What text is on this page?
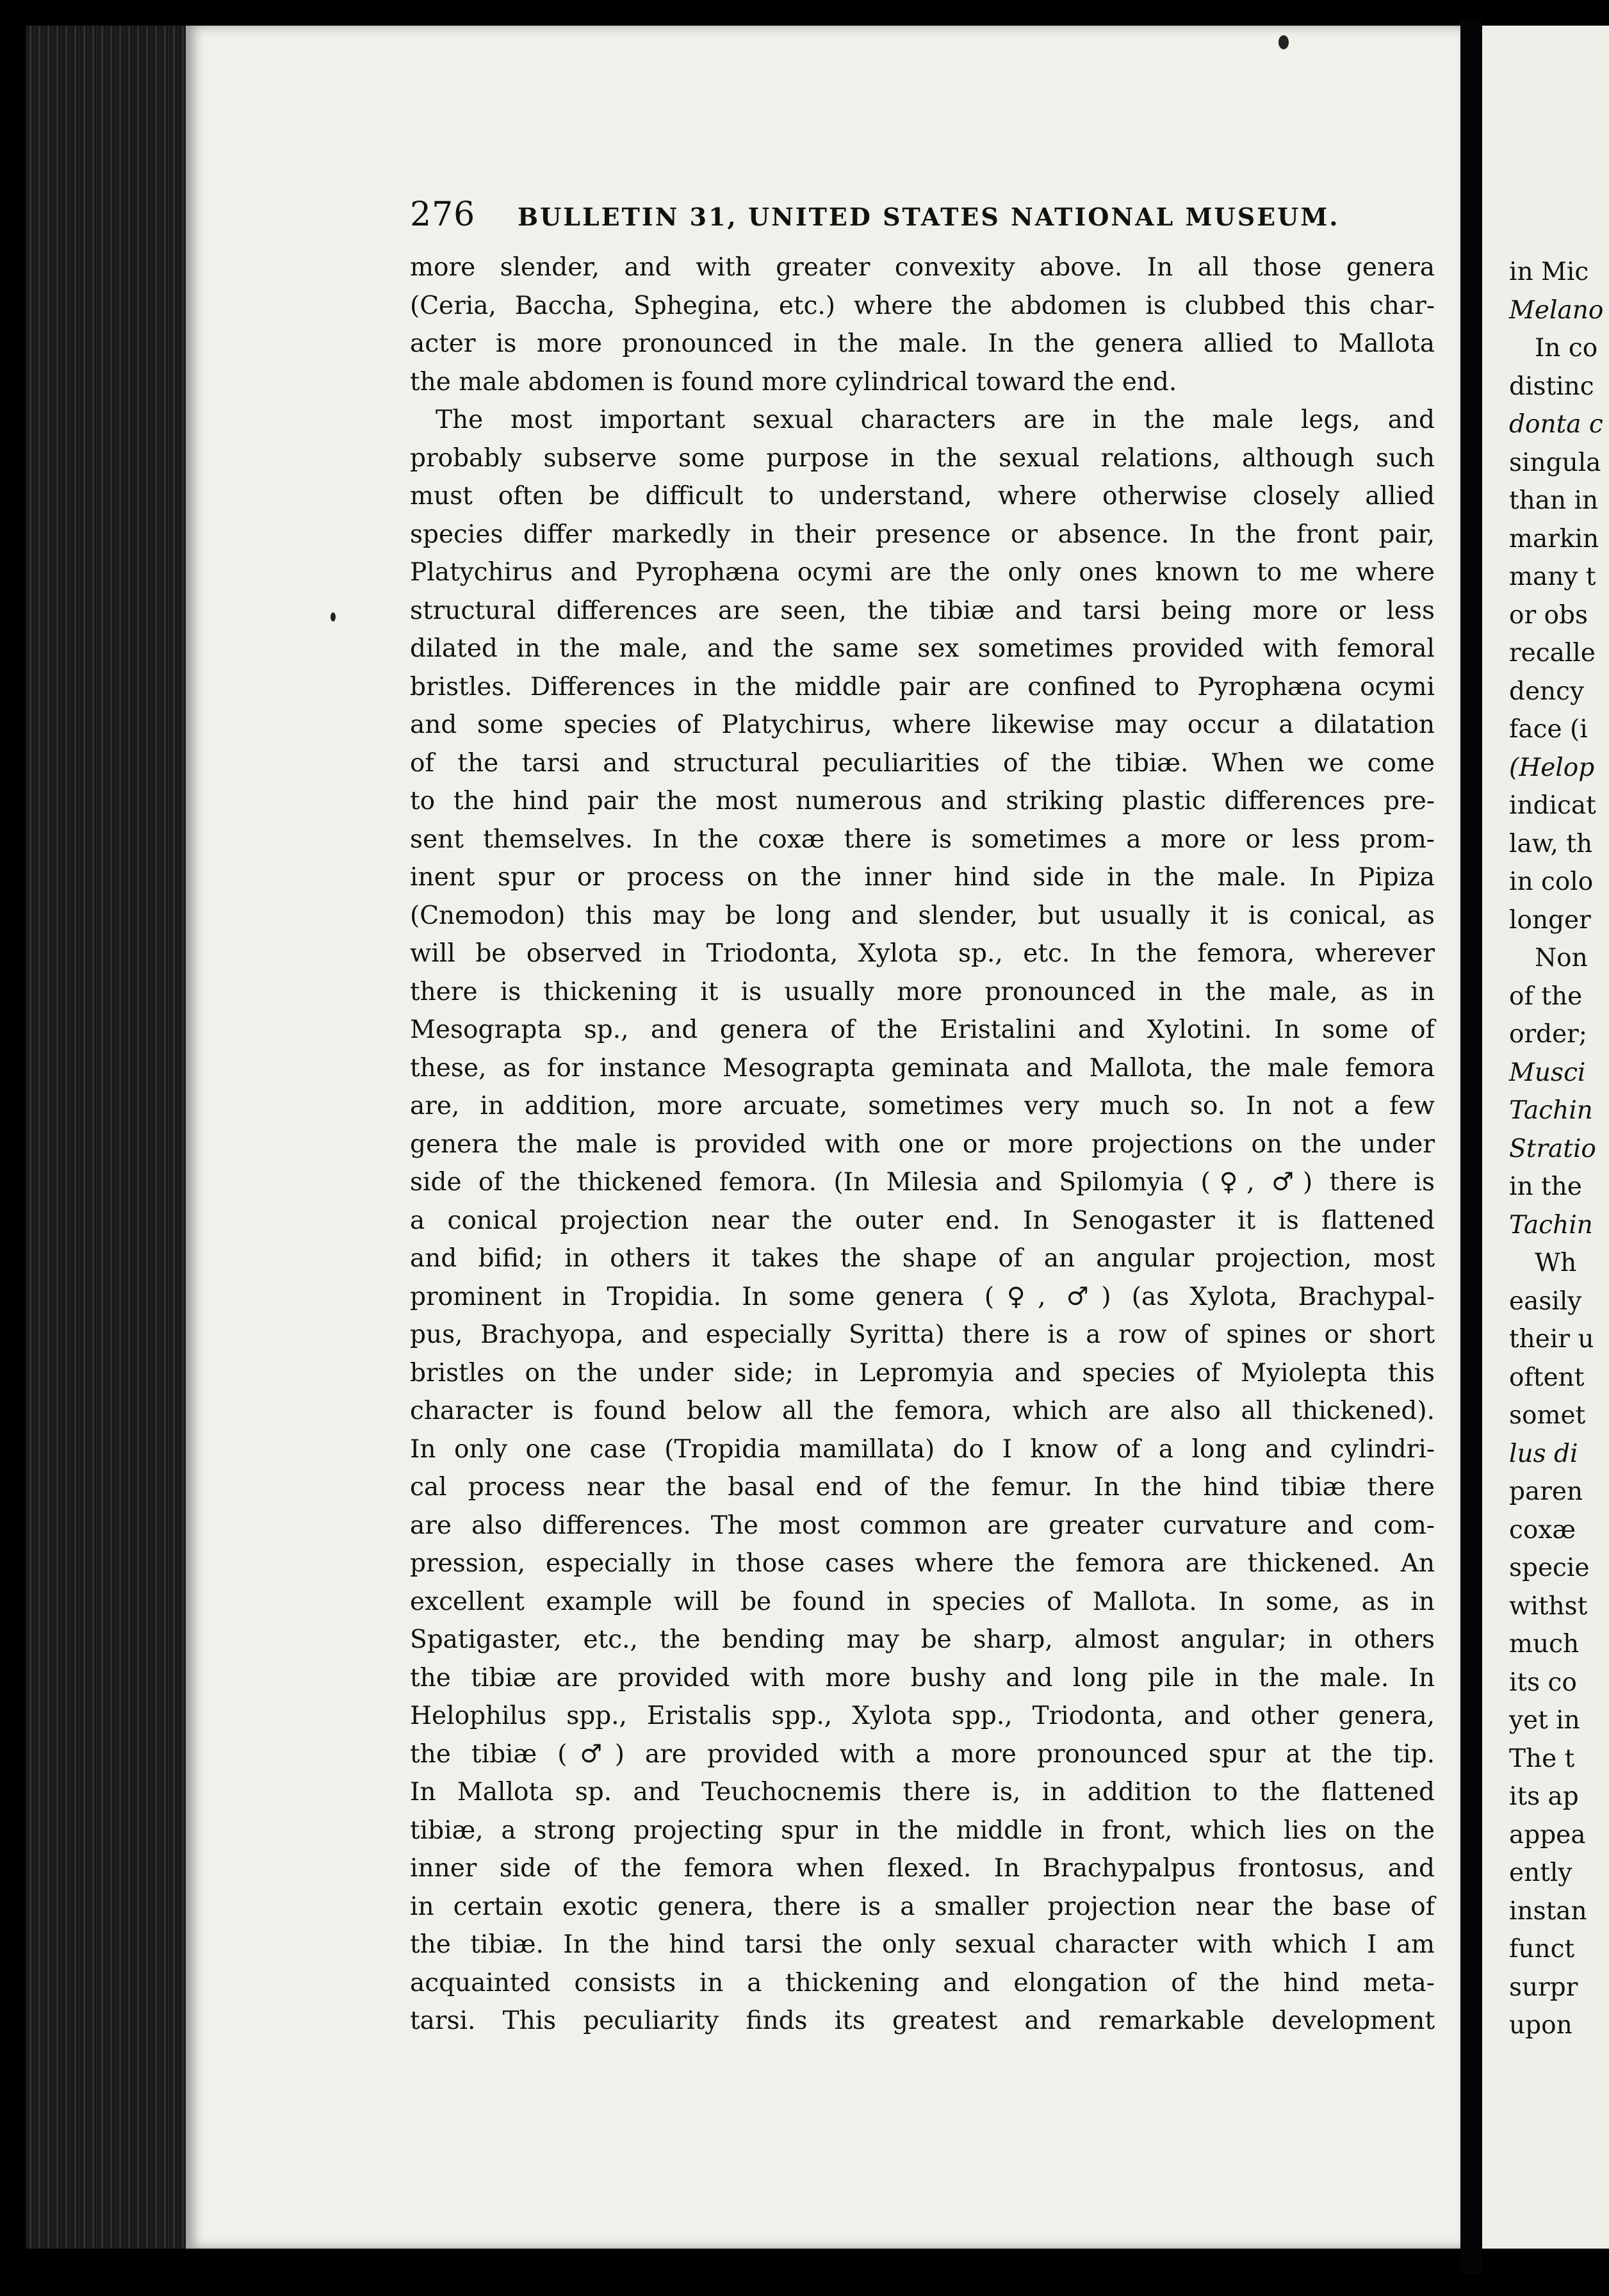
276 BULLETIN 31, UNITED STATES NATIONAL MUSEUM.
more slender, and with greater convexity above. In all those genera
(Ceria, Baccha, Sphegina, etc.) where the abdomen is clubbed this char-
acter is more pronounced in the male. In the genera allied to Mallota
the male abdomen is found more cylindrical toward the end.
The most important sexual characters are in the male legs, and
probably subserve some purpose in the sexual relations, although such
must often be difficult to understand, where otherwise closely allied
species differ markedly in their presence or absence. In the front pair,
Platychirus and Pyrophæna ocymi are the only ones known to me where
structural differences are seen, the tibiæ and tarsi being more or less
dilated in the male, and the same sex sometimes provided with femoral
bristles. Differences in the middle pair are confined to Pyrophæna ocymi
and some species of Platychirus, where likewise may occur a dilatation
of the tarsi and structural peculiarities of the tibiæ. When we come
to the hind pair the most numerous and striking plastic differences pre-
sent themselves. In the coxæ there is sometimes a more or less prom-
inent spur or process on the inner hind side in the male. In Pipiza
(Cnemodon) this may be long and slender, but usually it is conical, as
will be observed in Triodonta, Xylota sp., etc. In the femora, wherever
there is thickening it is usually more pronounced in the male, as in
Mesograpta sp., and genera of the Eristalini and Xylotini. In some of
these, as for instance Mesograpta geminata and Mallota, the male femora
are, in addition, more arcuate, sometimes very much so. In not a few
genera the male is provided with one or more projections on the under
side of the thickened femora. (In Milesia and Spilomyia (♀, ♂) there is
a conical projection near the outer end. In Senogaster it is flattened
and bifid; in others it takes the shape of an angular projection, most
prominent in Tropidia. In some genera (♀, ♂) (as Xylota, Brachypal-
pus, Brachyopa, and especially Syritta) there is a row of spines or short
bristles on the under side; in Lepromyia and species of Myiolepta this
character is found below all the femora, which are also all thickened).
In only one case (Tropidia mamillata) do I know of a long and cylindri-
cal process near the basal end of the femur. In the hind tibiæ there
are also differences. The most common are greater curvature and com-
pression, especially in those cases where the femora are thickened. An
excellent example will be found in species of Mallota. In some, as in
Spatigaster, etc., the bending may be sharp, almost angular; in others
the tibiæ are provided with more bushy and long pile in the male. In
Helophilus spp., Eristalis spp., Xylota spp., Triodonta, and other genera,
the tibiæ (♂) are provided with a more pronounced spur at the tip.
In Mallota sp. and Teuchocnemis there is, in addition to the flattened
tibiæ, a strong projecting spur in the middle in front, which lies on the
inner side of the femora when flexed. In Brachypalpus frontosus, and
in certain exotic genera, there is a smaller projection near the base of
the tibiæ. In the hind tarsi the only sexual character with which I am
acquainted consists in a thickening and elongation of the hind meta-
tarsi. This peculiarity finds its greatest and remarkable development
in Mic
Melano
In co
distinc
donta c
singula
than in
markin
many t
or obs
recalle
dency
face (i
(Helop
indicat
law, th
in colo
longer
Non
of the
order;
Musci
Tachin
Stratio
in the
Tachin
Wh
easily
their u
oftent
somet
lus di
paren
coxæ
specie
withst
much
its co
yet in
The t
its ap
appea
ently
instan
funct
surpr
upon
